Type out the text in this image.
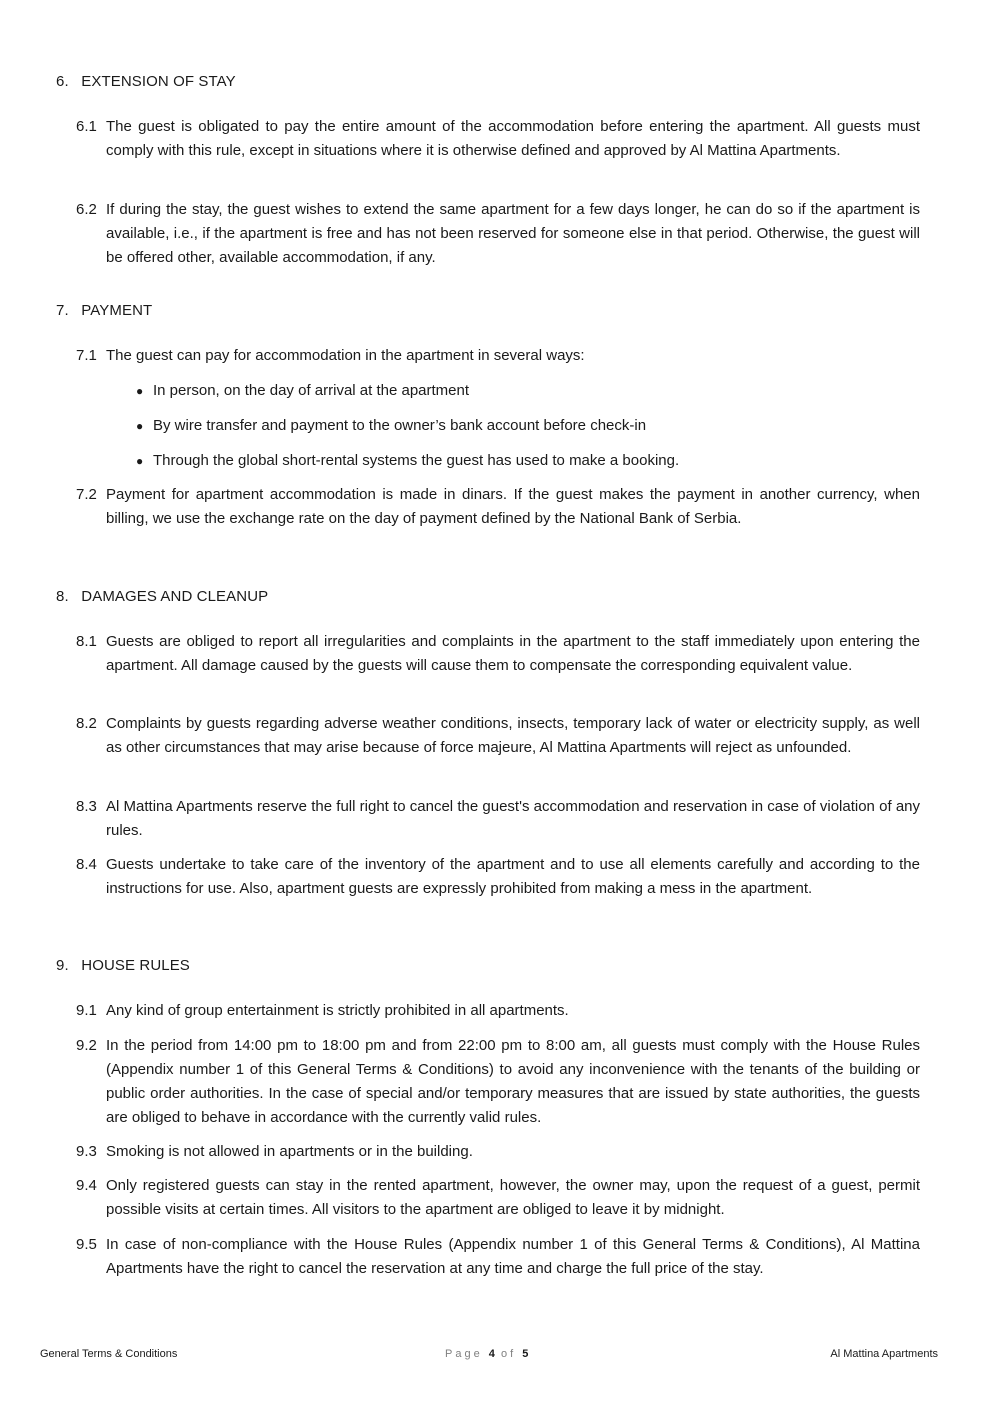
6. EXTENSION OF STAY

6.1 The guest is obligated to pay the entire amount of the accommodation before entering the apartment. All guests must comply with this rule, except in situations where it is otherwise defined and approved by Al Mattina Apartments.

6.2 If during the stay, the guest wishes to extend the same apartment for a few days longer, he can do so if the apartment is available, i.e., if the apartment is free and has not been reserved for someone else in that period. Otherwise, the guest will be offered other, available accommodation, if any.

7. PAYMENT

7.1 The guest can pay for accommodation in the apartment in several ways:

● In person, on the day of arrival at the apartment

● By wire transfer and payment to the owner’s bank account before check-in

● Through the global short-rental systems the guest has used to make a booking.

7.2 Payment for apartment accommodation is made in dinars. If the guest makes the payment in another currency, when billing, we use the exchange rate on the day of payment defined by the National Bank of Serbia.

8. DAMAGES AND CLEANUP

8.1 Guests are obliged to report all irregularities and complaints in the apartment to the staff immediately upon entering the apartment. All damage caused by the guests will cause them to compensate the corresponding equivalent value.

8.2 Complaints by guests regarding adverse weather conditions, insects, temporary lack of water or electricity supply, as well as other circumstances that may arise because of force majeure, Al Mattina Apartments will reject as unfounded.

8.3 Al Mattina Apartments reserve the full right to cancel the guest's accommodation and reservation in case of violation of any rules.

8.4 Guests undertake to take care of the inventory of the apartment and to use all elements carefully and according to the instructions for use. Also, apartment guests are expressly prohibited from making a mess in the apartment.

9. HOUSE RULES

9.1 Any kind of group entertainment is strictly prohibited in all apartments.

9.2 In the period from 14:00 pm to 18:00 pm and from 22:00 pm to 8:00 am, all guests must comply with the House Rules (Appendix number 1 of this General Terms & Conditions) to avoid any inconvenience with the tenants of the building or public order authorities. In the case of special and/or temporary measures that are issued by state authorities, the guests are obliged to behave in accordance with the currently valid rules.

9.3 Smoking is not allowed in apartments or in the building.

9.4 Only registered guests can stay in the rented apartment, however, the owner may, upon the request of a guest, permit possible visits at certain times. All visitors to the apartment are obliged to leave it by midnight.

9.5 In case of non-compliance with the House Rules (Appendix number 1 of this General Terms & Conditions), Al Mattina Apartments have the right to cancel the reservation at any time and charge the full price of the stay.

General Terms & Conditions	Page 4 of 5	Al Mattina Apartments
